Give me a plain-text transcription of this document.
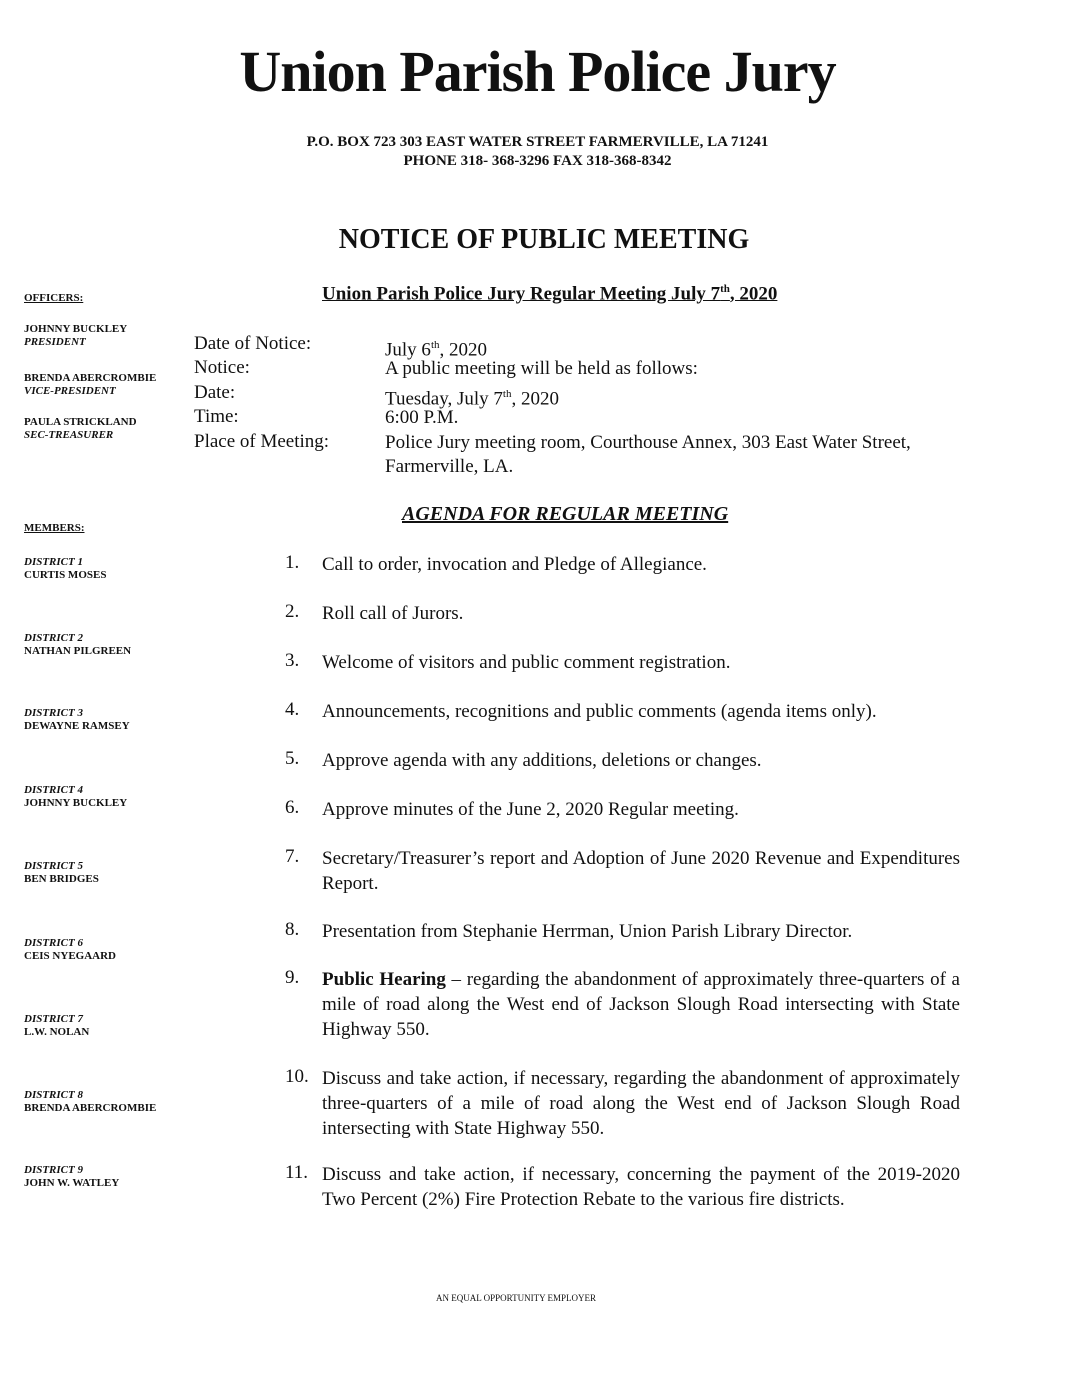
Union Parish Police Jury
P.O. BOX 723 303 EAST WATER STREET FARMERVILLE, LA 71241
PHONE 318- 368-3296 FAX 318-368-8342
NOTICE OF PUBLIC MEETING
Union Parish Police Jury Regular Meeting July 7th, 2020
OFFICERS:
JOHNNY BUCKLEY
PRESIDENT
BRENDA ABERCROMBIE
VICE-PRESIDENT
PAULA STRICKLAND
SEC-TREASURER
Date of Notice:	July 6th, 2020
Notice:	A public meeting will be held as follows:
Date:	Tuesday, July 7th, 2020
Time:	6:00 P.M.
Place of Meeting:	Police Jury meeting room, Courthouse Annex, 303 East Water Street, Farmerville, LA.
AGENDA FOR REGULAR MEETING
MEMBERS:
DISTRICT 1
CURTIS MOSES
DISTRICT 2
NATHAN PILGREEN
DISTRICT 3
DEWAYNE RAMSEY
DISTRICT 4
JOHNNY BUCKLEY
DISTRICT 5
BEN BRIDGES
DISTRICT 6
CEIS NYEGAARD
DISTRICT 7
L.W. NOLAN
DISTRICT 8
BRENDA ABERCROMBIE
DISTRICT 9
JOHN W. WATLEY
1.	Call to order, invocation and Pledge of Allegiance.
2.	Roll call of Jurors.
3.	Welcome of visitors and public comment registration.
4.	Announcements, recognitions and public comments (agenda items only).
5.	Approve agenda with any additions, deletions or changes.
6.	Approve minutes of the June 2, 2020 Regular meeting.
7.	Secretary/Treasurer’s report and Adoption of June 2020 Revenue and Expenditures Report.
8.	Presentation from Stephanie Herrman, Union Parish Library Director.
9.	Public Hearing – regarding the abandonment of approximately three-quarters of a mile of road along the West end of Jackson Slough Road intersecting with State Highway 550.
10. Discuss and take action, if necessary, regarding the abandonment of approximately three-quarters of a mile of road along the West end of Jackson Slough Road intersecting with State Highway 550.
11. Discuss and take action, if necessary, concerning the payment of the 2019-2020 Two Percent (2%) Fire Protection Rebate to the various fire districts.
AN EQUAL OPPORTUNITY EMPLOYER
